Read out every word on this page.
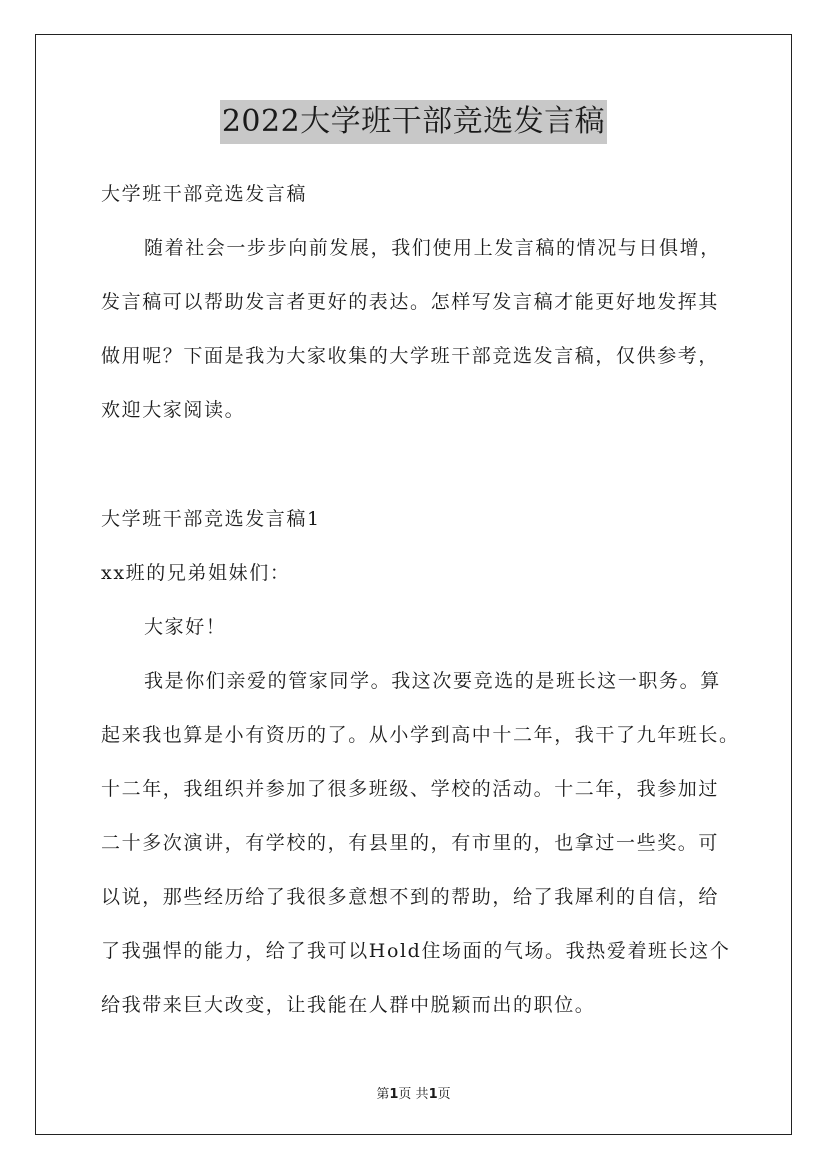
2022大学班干部竞选发言稿
大学班干部竞选发言稿
随着社会一步步向前发展，我们使用上发言稿的情况与日俱增，
发言稿可以帮助发言者更好的表达。怎样写发言稿才能更好地发挥其
做用呢？下面是我为大家收集的大学班干部竞选发言稿，仅供参考，
欢迎大家阅读。
大学班干部竞选发言稿1
xx班的兄弟姐妹们：
大家好！
我是你们亲爱的管家同学。我这次要竞选的是班长这一职务。算
起来我也算是小有资历的了。从小学到高中十二年，我干了九年班长。
十二年，我组织并参加了很多班级、学校的活动。十二年，我参加过
二十多次演讲，有学校的，有县里的，有市里的，也拿过一些奖。可
以说，那些经历给了我很多意想不到的帮助，给了我犀利的自信，给
了我强悍的能力，给了我可以Hold住场面的气场。我热爱着班长这个
给我带来巨大改变，让我能在人群中脱颖而出的职位。
第1页 共1页
